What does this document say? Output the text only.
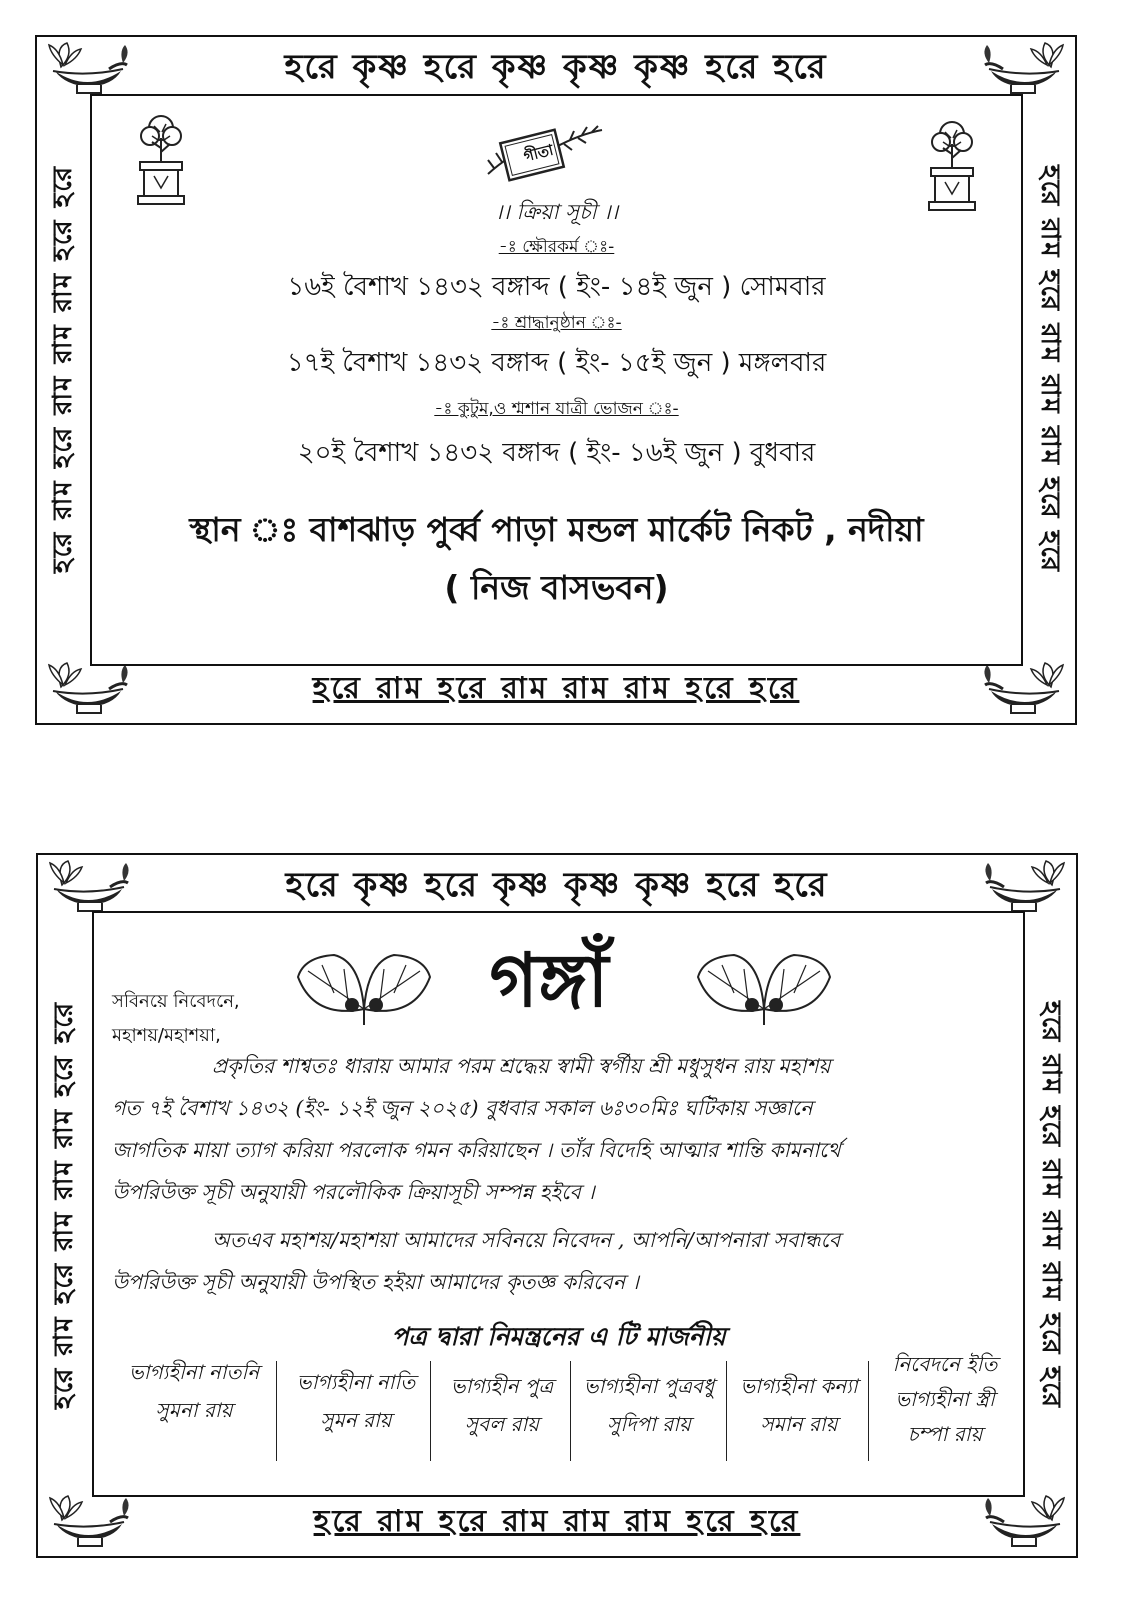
হরে কৃষ্ণ হরে কৃষ্ণ কৃষ্ণ কৃষ্ণ হরে হরে
হরে রাম হরে রাম রাম রাম হরে হরে
হরে রাম হরে রাম রাম রাম হরে হরে	হরে রাম হরে রাম রাম রাম হরে হরে
গীতা
।। ক্রিয়া সূচী ।।
-ঃ ক্ষৌরকর্ম ঃ-
১৬ই বৈশাখ ১৪৩২ বঙ্গাব্দ ( ইং- ১৪ই জুন ) সোমবার
-ঃ শ্রাদ্ধানুষ্ঠান ঃ-
১৭ই বৈশাখ ১৪৩২ বঙ্গাব্দ ( ইং- ১৫ই জুন ) মঙ্গলবার
-ঃ কুটুম,ও শ্মশান যাত্রী ভোজন ঃ-
২০ই বৈশাখ ১৪৩২ বঙ্গাব্দ ( ইং- ১৬ই জুন ) বুধবার
স্থান ঃ বাশঝাড় পুর্ব্ব পাড়া মন্ডল মার্কেট নিকট , নদীয়া
( নিজ বাসভবন)
হরে কৃষ্ণ হরে কৃষ্ণ কৃষ্ণ কৃষ্ণ হরে হরে
হরে রাম হরে রাম রাম রাম হরে হরে
হরে রাম হরে রাম রাম রাম হরে হরে	হরে রাম হরে রাম রাম রাম হরে হরে
গঙ্গাঁ
সবিনয়ে নিবেদনে,
মহাশয়/মহাশয়া,
প্রকৃতির শাশ্বতঃ ধারায় আমার পরম শ্রদ্ধেয় স্বামী স্বর্গীয় শ্রী মধুসুধন রায় মহাশয়
গত ৭ই বৈশাখ ১৪৩২ (ইং- ১২ই জুন ২০২৫) বুধবার সকাল ৬ঃ৩০মিঃ ঘটিকায় সজ্ঞানে
জাগতিক মায়া ত্যাগ করিয়া পরলোক গমন করিয়াছেন । তাঁর বিদেহি আত্মার শান্তি কামনার্থে
উপরিউক্ত সূচী অনুযায়ী পরলৌকিক ক্রিয়াসূচী সম্পন্ন হইবে ।
অতএব মহাশয়/মহাশয়া আমাদের সবিনয়ে নিবেদন , আপনি/আপনারা সবান্ধবে
উপরিউক্ত সূচী অনুযায়ী উপস্থিত হইয়া আমাদের কৃতজ্ঞ করিবেন ।
পত্র দ্বারা নিমন্ত্রনের এ টি মার্জনীয়
ভাগ্যহীনা নাতনি
সুমনা রায়
ভাগ্যহীনা নাতি
সুমন রায়
ভাগ্যহীন পুত্র
সুবল রায়
ভাগ্যহীনা পুত্রবধু
সুদিপা রায়
ভাগ্যহীনা কন্যা
সমান রায়
নিবেদনে ইতি
ভাগ্যহীনা স্ত্রী
চম্পা রায়
